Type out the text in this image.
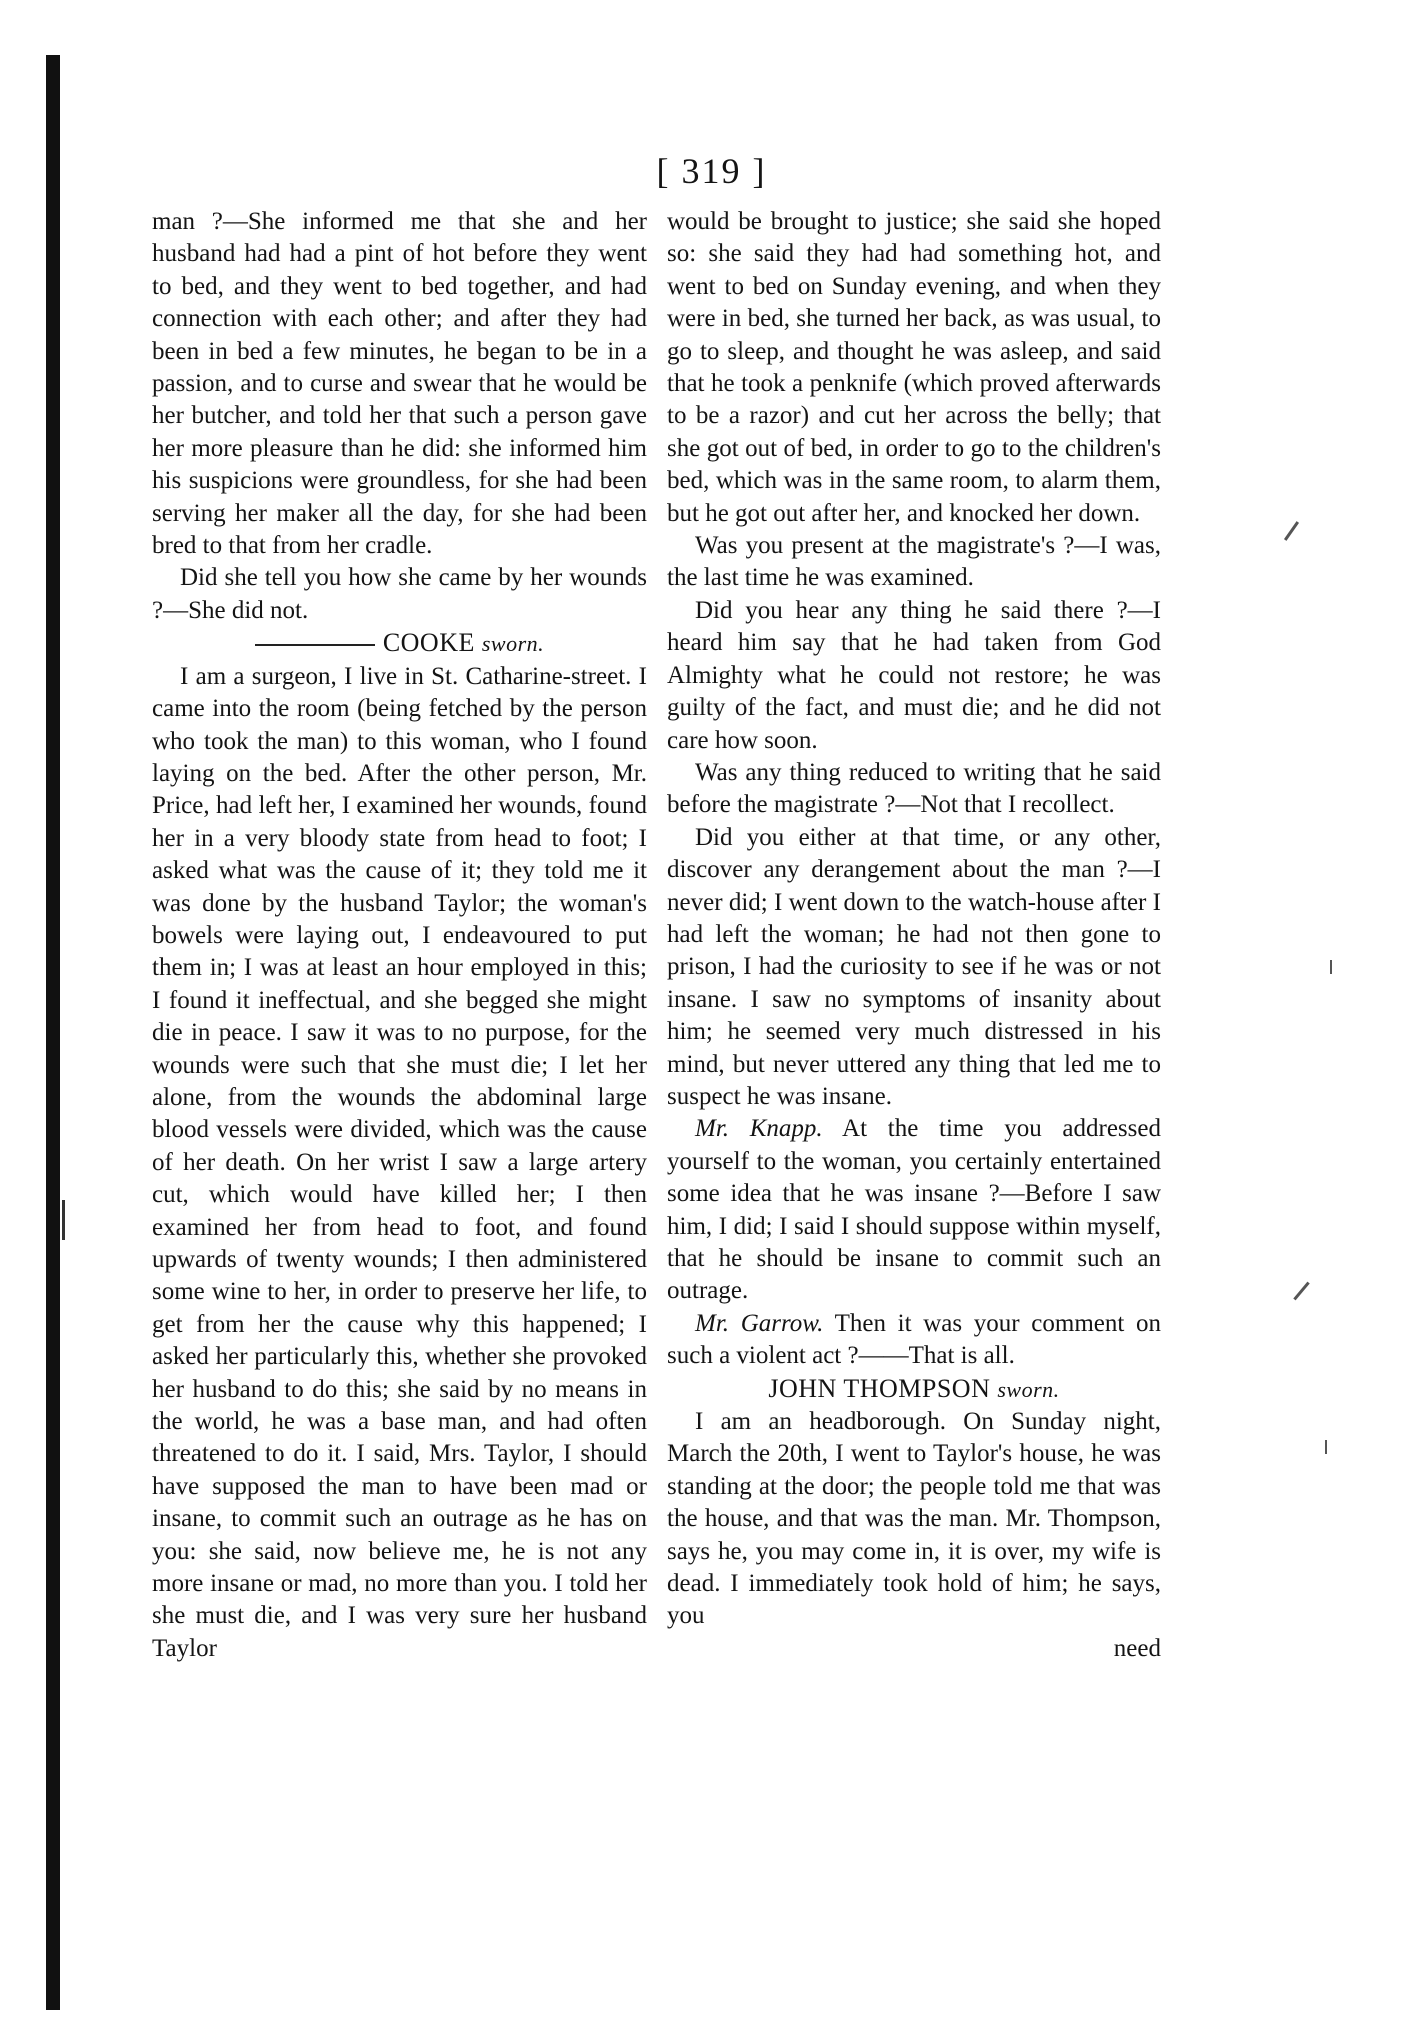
[ 319 ]

man ?—She informed me that she and her husband had had a pint of hot before they went to bed, and they went to bed together, and had connection with each other; and after they had been in bed a few minutes, he began to be in a passion, and to curse and swear that he would be her butcher, and told her that such a person gave her more pleasure than he did: she informed him his suspicions were groundless, for she had been serving her maker all the day, for she had been bred to that from her cradle.

Did she tell you how she came by her wounds ?—She did not.

COOKE sworn.

I am a surgeon, I live in St. Catharine-street. I came into the room (being fetched by the person who took the man) to this woman, who I found laying on the bed. After the other person, Mr. Price, had left her, I examined her wounds, found her in a very bloody state from head to foot; I asked what was the cause of it; they told me it was done by the husband Taylor; the woman's bowels were laying out, I endeavoured to put them in; I was at least an hour employed in this; I found it ineffectual, and she begged she might die in peace. I saw it was to no purpose, for the wounds were such that she must die; I let her alone, from the wounds the abdominal large blood vessels were divided, which was the cause of her death. On her wrist I saw a large artery cut, which would have killed her; I then examined her from head to foot, and found upwards of twenty wounds; I then administered some wine to her, in order to preserve her life, to get from her the cause why this happened; I asked her particularly this, whether she provoked her husband to do this; she said by no means in the world, he was a base man, and had often threatened to do it. I said, Mrs. Taylor, I should have supposed the man to have been mad or insane, to commit such an outrage as he has on you: she said, now believe me, he is not any more insane or mad, no more than you. I told her she must die, and I was very sure her husband Taylor

would be brought to justice; she said she hoped so: she said they had had something hot, and went to bed on Sunday evening, and when they were in bed, she turned her back, as was usual, to go to sleep, and thought he was asleep, and said that he took a penknife (which proved afterwards to be a razor) and cut her across the belly; that she got out of bed, in order to go to the children's bed, which was in the same room, to alarm them, but he got out after her, and knocked her down.

Was you present at the magistrate's ?—I was, the last time he was examined.

Did you hear any thing he said there ?—I heard him say that he had taken from God Almighty what he could not restore; he was guilty of the fact, and must die; and he did not care how soon.

Was any thing reduced to writing that he said before the magistrate ?—Not that I recollect.

Did you either at that time, or any other, discover any derangement about the man ?—I never did; I went down to the watch-house after I had left the woman; he had not then gone to prison, I had the curiosity to see if he was or not insane. I saw no symptoms of insanity about him; he seemed very much distressed in his mind, but never uttered any thing that led me to suspect he was insane.

Mr. Knapp. At the time you addressed yourself to the woman, you certainly entertained some idea that he was insane ?—Before I saw him, I did; I said I should suppose within myself, that he should be insane to commit such an outrage.

Mr. Garrow. Then it was your comment on such a violent act ?——That is all.

JOHN THOMPSON sworn.

I am an headborough. On Sunday night, March the 20th, I went to Taylor's house, he was standing at the door; the people told me that was the house, and that was the man. Mr. Thompson, says he, you may come in, it is over, my wife is dead. I immediately took hold of him; he says, you

need
